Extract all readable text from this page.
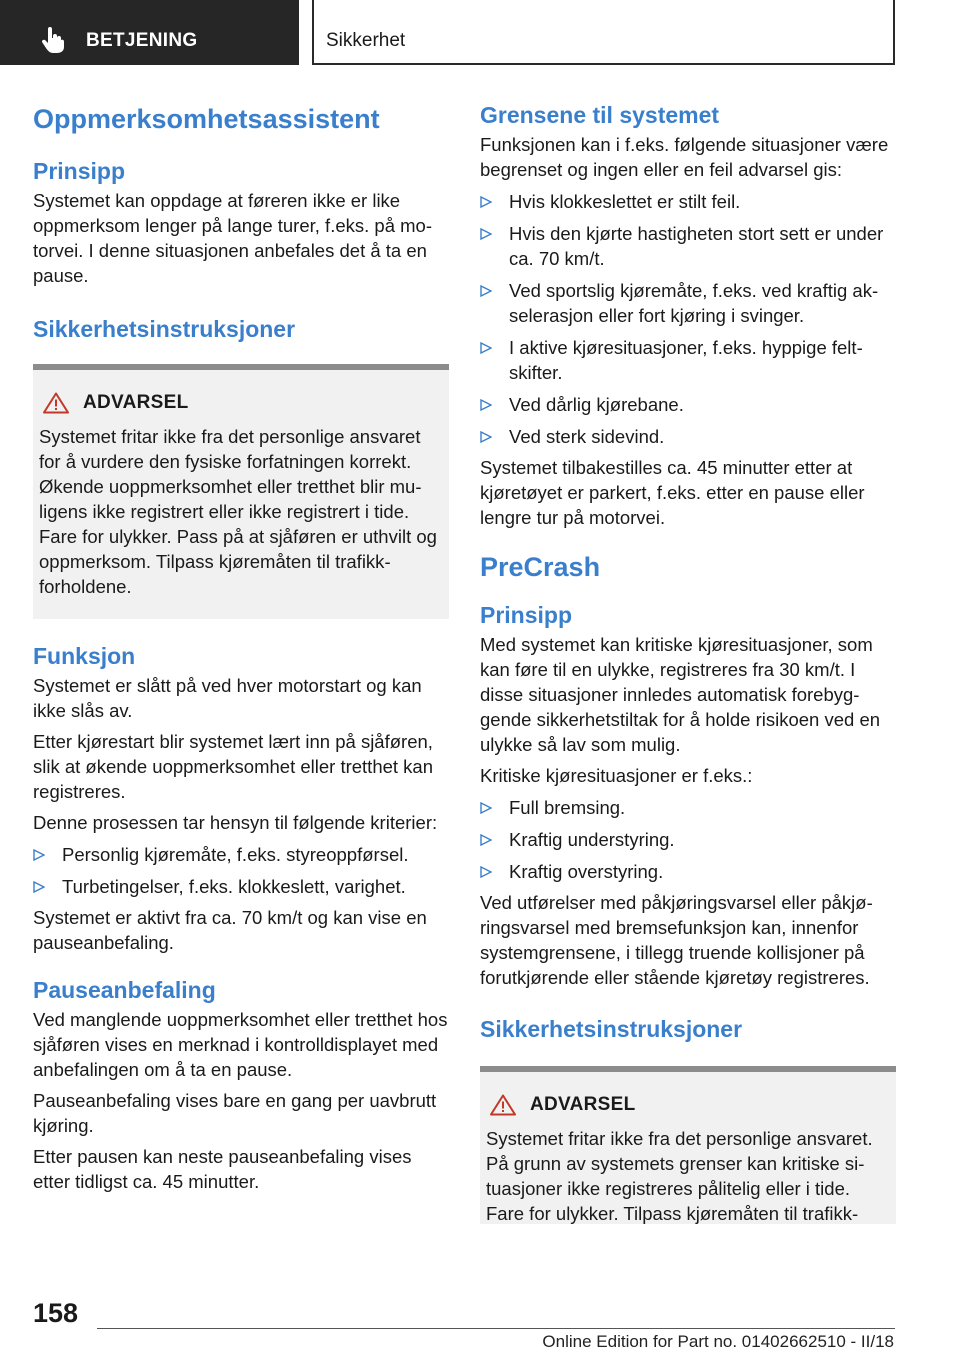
BETJENING	Sikkerhet
Oppmerksomhetsassistent
Prinsipp
Systemet kan oppdage at føreren ikke er like oppmerksom lenger på lange turer, f.eks. på motorvei. I denne situasjonen anbefales det å ta en pause.
Sikkerhetsinstruksjoner
ADVARSEL
Systemet fritar ikke fra det personlige ansvaret for å vurdere den fysiske forfatningen korrekt. Økende uoppmerksomhet eller tretthet blir muligens ikke registrert eller ikke registrert i tide. Fare for ulykker. Pass på at sjåføren er uthvilt og oppmerksom. Tilpass kjøremåten til trafikkforholdene.
Funksjon
Systemet er slått på ved hver motorstart og kan ikke slås av.
Etter kjørestart blir systemet lært inn på sjåføren, slik at økende uoppmerksomhet eller tretthet kan registreres.
Denne prosessen tar hensyn til følgende kriterier:
Personlig kjøremåte, f.eks. styreoppførsel.
Turbetingelser, f.eks. klokkeslett, varighet.
Systemet er aktivt fra ca. 70 km/t og kan vise en pauseanbefaling.
Pauseanbefaling
Ved manglende uoppmerksomhet eller tretthet hos sjåføren vises en merknad i kontrolldisplayet med anbefalingen om å ta en pause.
Pauseanbefaling vises bare en gang per uavbrutt kjøring.
Etter pausen kan neste pauseanbefaling vises etter tidligst ca. 45 minutter.
Grensene til systemet
Funksjonen kan i f.eks. følgende situasjoner være begrenset og ingen eller en feil advarsel gis:
Hvis klokkeslettet er stilt feil.
Hvis den kjørte hastigheten stort sett er under ca. 70 km/t.
Ved sportslig kjøremåte, f.eks. ved kraftig akselerasjon eller fort kjøring i svinger.
I aktive kjøresituasjoner, f.eks. hyppige feltskifter.
Ved dårlig kjørebane.
Ved sterk sidevind.
Systemet tilbakestilles ca. 45 minutter etter at kjøretøyet er parkert, f.eks. etter en pause eller lengre tur på motorvei.
PreCrash
Prinsipp
Med systemet kan kritiske kjøresituasjoner, som kan føre til en ulykke, registreres fra 30 km/t. I disse situasjoner innledes automatisk forebyggende sikkerhetstiltak for å holde risikoen ved en ulykke så lav som mulig.
Kritiske kjøresituasjoner er f.eks.:
Full bremsing.
Kraftig understyring.
Kraftig overstyring.
Ved utførelser med påkjøringsvarsel eller påkjøringsvarsel med bremsefunksjon kan, innenfor systemgrensene, i tillegg truende kollisjoner på forutkjørende eller stående kjøretøy registreres.
Sikkerhetsinstruksjoner
ADVARSEL
Systemet fritar ikke fra det personlige ansvaret. På grunn av systemets grenser kan kritiske situasjoner ikke registreres pålitelig eller i tide. Fare for ulykker. Tilpass kjøremåten til trafikk-
158
Online Edition for Part no. 01402662510 - II/18
